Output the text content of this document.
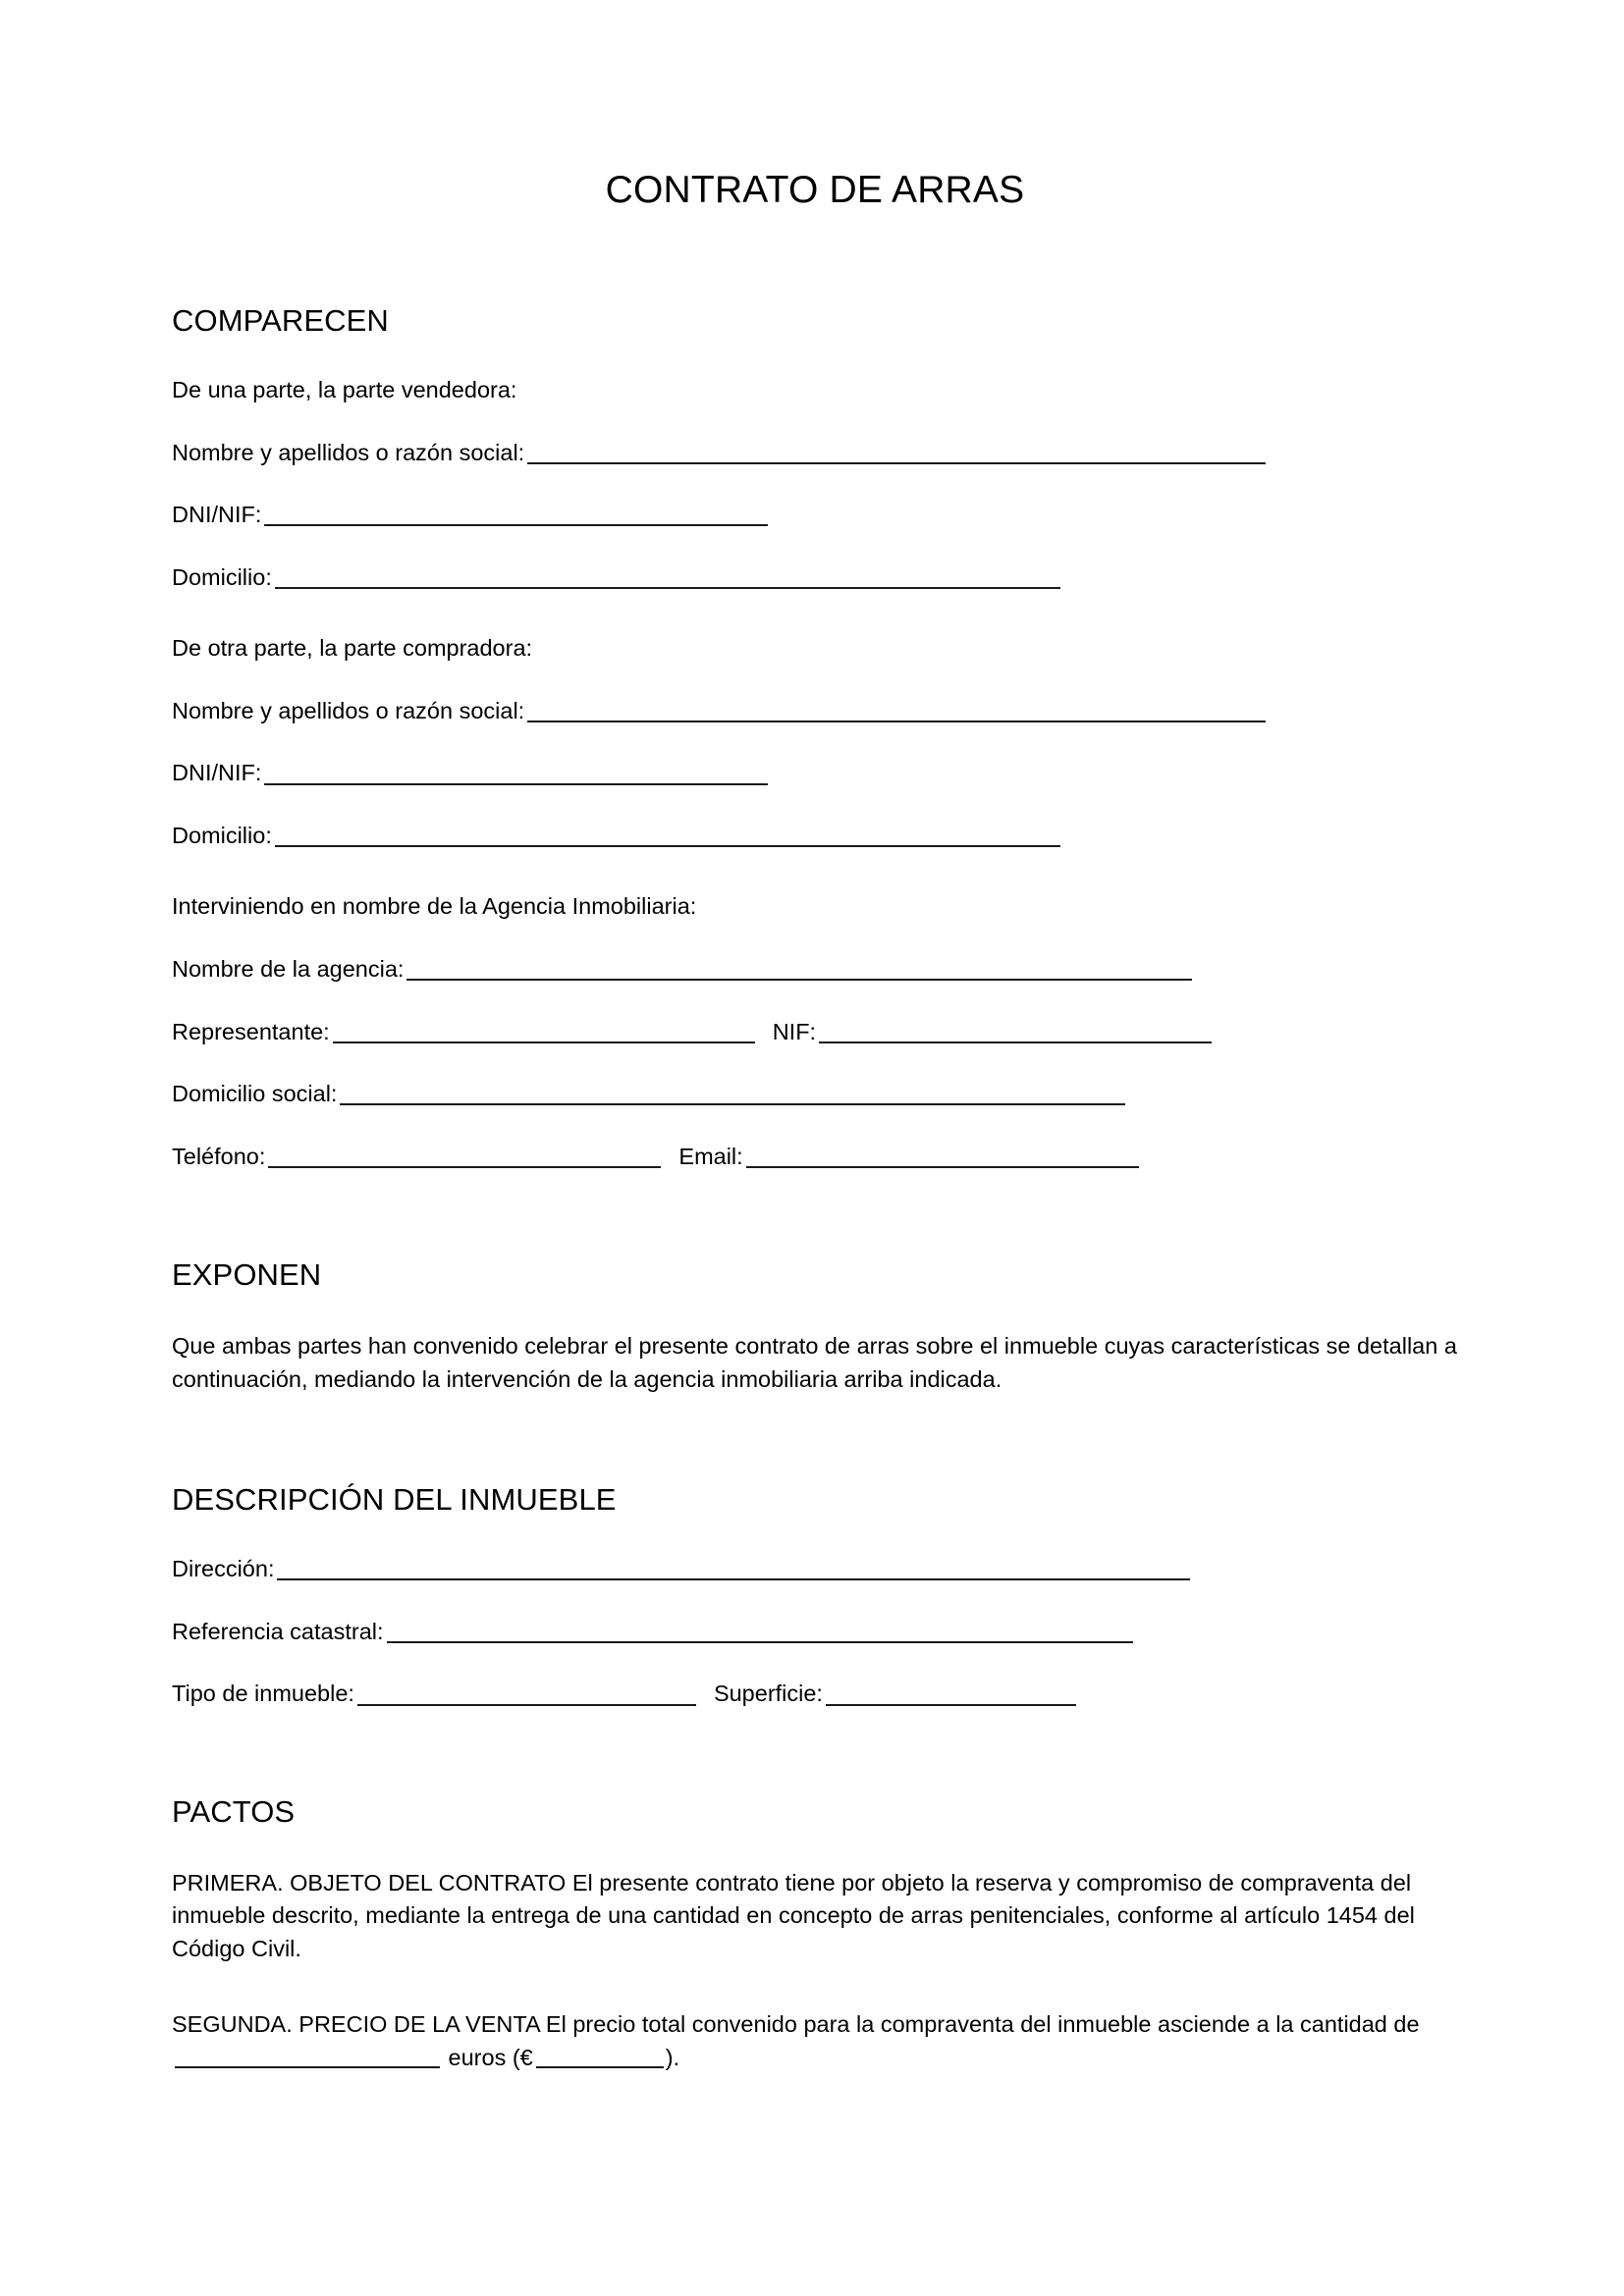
CONTRATO DE ARRAS
COMPARECEN

De una parte, la parte vendedora:

Nombre y apellidos o razón social:

DNI/NIF:

Domicilio:

De otra parte, la parte compradora:

Nombre y apellidos o razón social:

DNI/NIF:

Domicilio:

Interviniendo en nombre de la Agencia Inmobiliaria:

Nombre de la agencia:

Representante:	NIF:

Domicilio social:

Teléfono:	Email:

EXPONEN

Que ambas partes han convenido celebrar el presente contrato de arras sobre el inmueble cuyas características se detallan a continuación, mediando la intervención de la agencia inmobiliaria arriba indicada.

DESCRIPCIÓN DEL INMUEBLE

Dirección:

Referencia catastral:

Tipo de inmueble:	Superficie:

PACTOS

PRIMERA. OBJETO DEL CONTRATO El presente contrato tiene por objeto la reserva y compromiso de compraventa del inmueble descrito, mediante la entrega de una cantidad en concepto de arras penitenciales, conforme al artículo 1454 del Código Civil.

SEGUNDA. PRECIO DE LA VENTA El precio total convenido para la compraventa del inmueble asciende a la cantidad de euros (€	).
